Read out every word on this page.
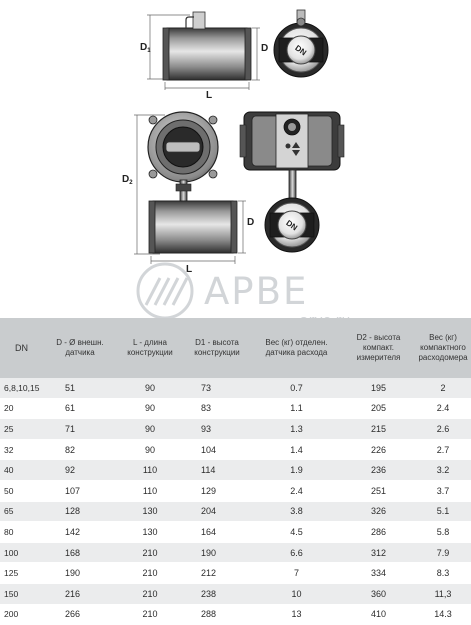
$D_1$	D
L
DN
$D_2$
D
L
DN
АРВЕ
DN	D - Ø внешн. датчика	L - длина конструкции	D1 - высота конструкции	Вес (кг) отделен. датчика расхода	D2 - высота компакт. измерителя	Вес (кг) компактного расходомера
6,8,10,15	51	90	73	0.7	195	2
20	61	90	83	1.1	205	2.4
25	71	90	93	1.3	215	2.6
32	82	90	104	1.4	226	2.7
40	92	110	114	1.9	236	3.2
50	107	110	129	2.4	251	3.7
65	128	130	204	3.8	326	5.1
80	142	130	164	4.5	286	5.8
100	168	210	190	6.6	312	7.9
125	190	210	212	7	334	8.3
150	216	210	238	10	360	11,3
200	266	210	288	13	410	14.3
